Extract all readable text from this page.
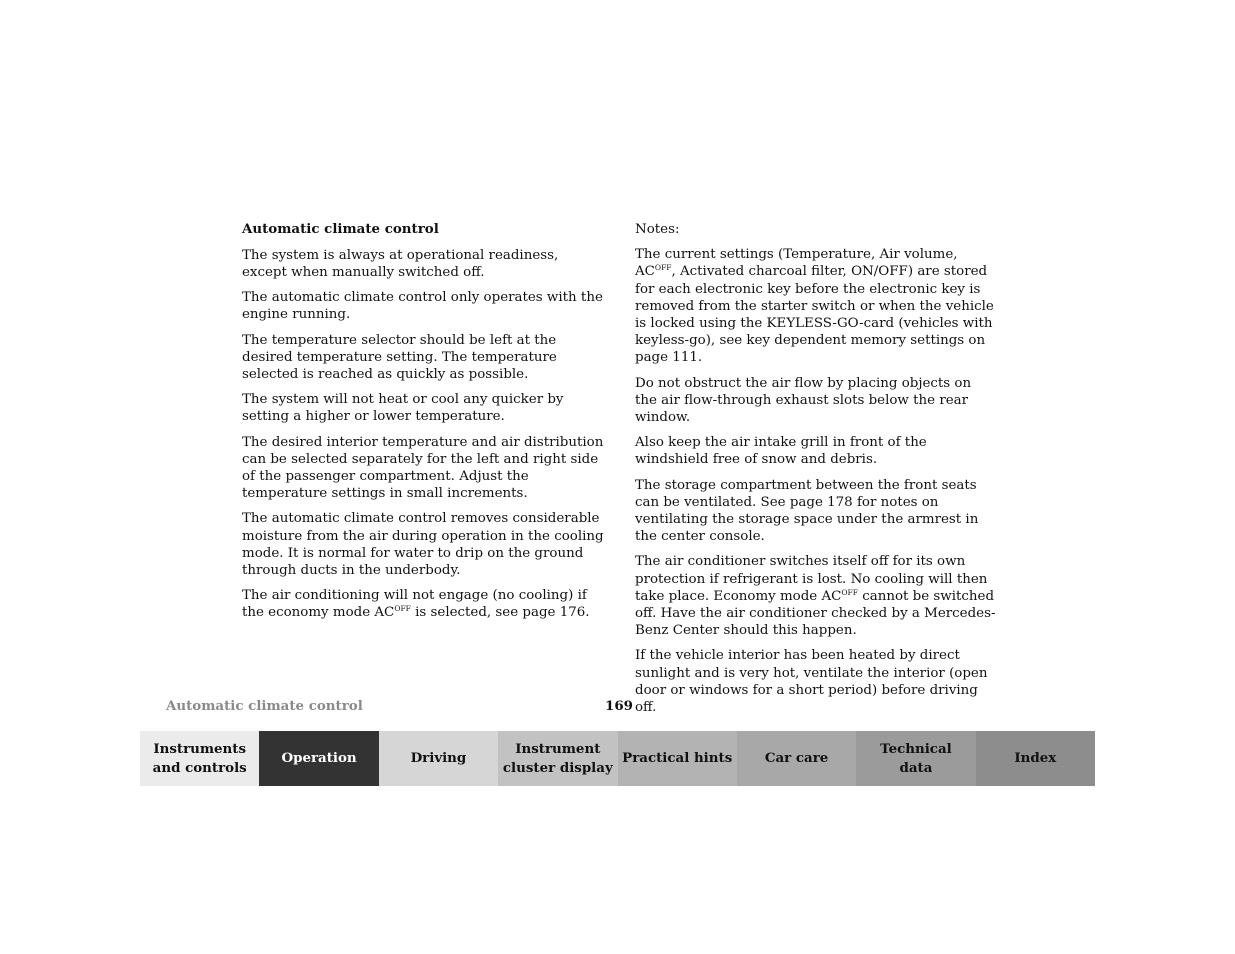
Automatic climate control

The system is always at operational readiness, except when manually switched off.

The automatic climate control only operates with the engine running.

The temperature selector should be left at the desired temperature setting. The temperature selected is reached as quickly as possible.

The system will not heat or cool any quicker by setting a higher or lower temperature.

The desired interior temperature and air distribution can be selected separately for the left and right side of the passenger compartment. Adjust the temperature settings in small increments.

The automatic climate control removes considerable moisture from the air during operation in the cooling mode. It is normal for water to drip on the ground through ducts in the underbody.

The air conditioning will not engage (no cooling) if the economy mode $AC^{OFF}$ is selected, see page 176.

Notes:

The current settings (Temperature, Air volume, $AC^{OFF}$, Activated charcoal filter, ON/OFF) are stored for each electronic key before the electronic key is removed from the starter switch or when the vehicle is locked using the KEYLESS-GO-card (vehicles with keyless-go), see key dependent memory settings on page 111.

Do not obstruct the air flow by placing objects on the air flow-through exhaust slots below the rear window.

Also keep the air intake grill in front of the windshield free of snow and debris.

The storage compartment between the front seats can be ventilated. See page 178 for notes on ventilating the storage space under the armrest in the center console.

The air conditioner switches itself off for its own protection if refrigerant is lost. No cooling will then take place. Economy mode $AC^{OFF}$ cannot be switched off. Have the air conditioner checked by a Mercedes-Benz Center should this happen.

If the vehicle interior has been heated by direct sunlight and is very hot, ventilate the interior (open door or windows for a short period) before driving off.

Automatic climate control	169
Instruments
and controls
Operation	Driving
Instrument
cluster display
Practical hints	Car care
Technical
data
Index
